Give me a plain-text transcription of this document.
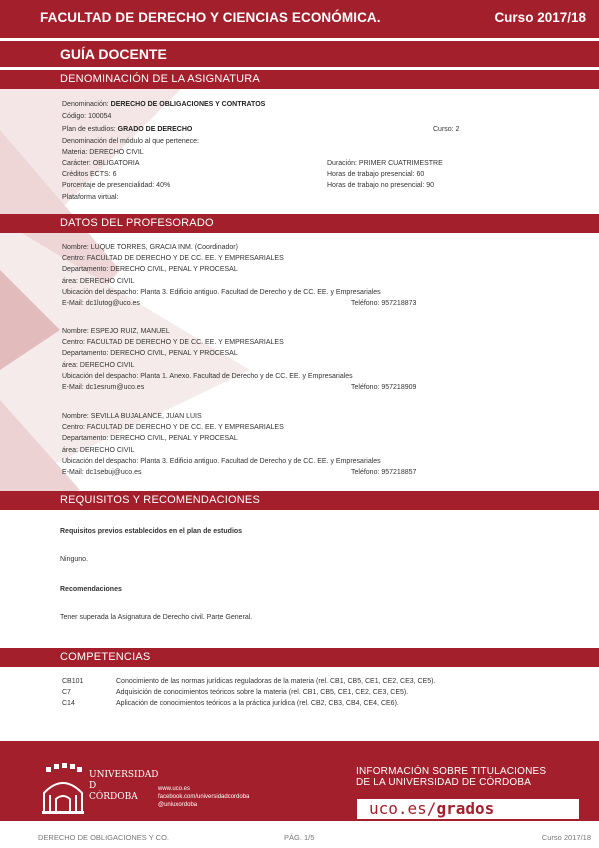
FACULTAD DE DERECHO Y CIENCIAS ECONÓMICA.	Curso 2017/18
GUÍA DOCENTE
DENOMINACIÓN DE LA ASIGNATURA
Denominación: DERECHO DE OBLIGACIONES Y CONTRATOS
Código: 100054
Plan de estudios: GRADO DE DERECHO	Curso: 2
Denominación del módulo al que pertenece:
Materia: DERECHO CIVIL
Carácter: OBLIGATORIA	Duración: PRIMER CUATRIMESTRE
Créditos ECTS: 6	Horas de trabajo presencial: 60
Porcentaje de presencialidad: 40%	Horas de trabajo no presencial: 90
Plataforma virtual:
DATOS DEL PROFESORADO
Nombre: LUQUE TORRES, GRACIA INM. (Coordinador)
Centro: FACULTAD DE DERECHO Y DE CC. EE. Y EMPRESARIALES
Departamento: DERECHO CIVIL, PENAL Y PROCESAL
área: DERECHO CIVIL
Ubicación del despacho: Planta 3. Edificio antiguo. Facultad de Derecho y de CC. EE. y Empresariales
E-Mail: dc1lutog@uco.es	Teléfono: 957218873
Nombre: ESPEJO RUIZ, MANUEL
Centro: FACULTAD DE DERECHO Y DE CC. EE. Y EMPRESARIALES
Departamento: DERECHO CIVIL, PENAL Y PROCESAL
área: DERECHO CIVIL
Ubicación del despacho: Planta 1. Anexo. Facultad de Derecho y de CC. EE. y Empresariales
E-Mail: dc1esrum@uco.es	Teléfono: 957218909
Nombre: SEVILLA BUJALANCE, JUAN LUIS
Centro: FACULTAD DE DERECHO Y DE CC. EE. Y EMPRESARIALES
Departamento: DERECHO CIVIL, PENAL Y PROCESAL
área: DERECHO CIVIL
Ubicación del despacho: Planta 3. Edificio antiguo. Facultad de Derecho y de CC. EE. y Empresariales
E-Mail: dc1sebuj@uco.es	Teléfono: 957218857
REQUISITOS Y RECOMENDACIONES
Requisitos previos establecidos en el plan de estudios
Ninguno.
Recomendaciones
Tener superada la Asignatura de Derecho civil. Parte General.
COMPETENCIAS
CB101	Conocimiento de las normas jurídicas reguladoras de la materia (rel. CB1, CB5, CE1, CE2, CE3, CE5).
C7	Adquisición de conocimientos teóricos sobre la materia (rel. CB1, CB5, CE1, CE2, CE3, CE5).
C14	Aplicación de conocimientos teóricos a la práctica jurídica (rel. CB2, CB3, CB4, CE4, CE6).
UNIVERSIDAD
D
CÓRDOBA
www.uco.es
facebook.com/universidadcordoba
@uniuxordoba
INFORMACIÓN SOBRE TITULACIONES
DE LA UNIVERSIDAD DE CÓRDOBA
uco.es/grados
DERECHO DE OBLIGACIONES Y CO.	PÁG. 1/5	Curso 2017/18
